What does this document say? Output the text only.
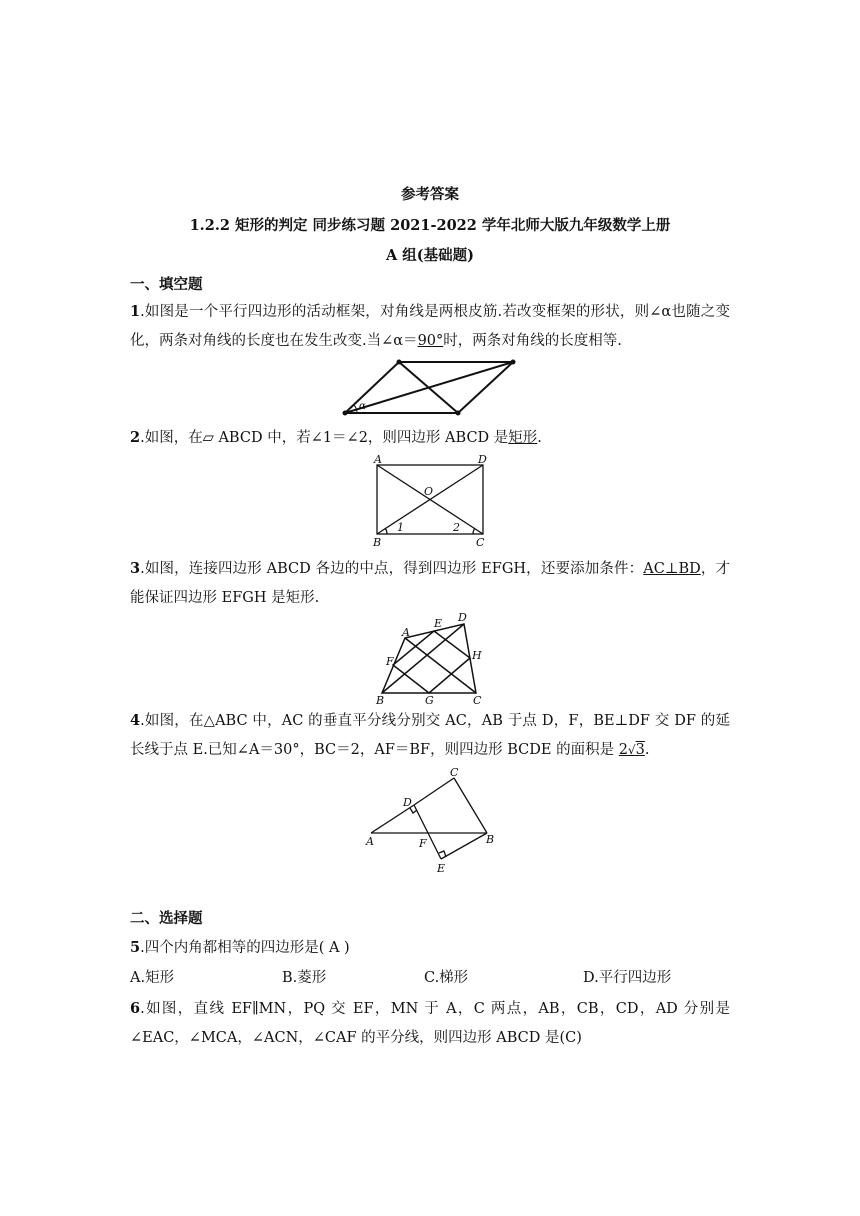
参考答案
1.2.2 矩形的判定 同步练习题 2021-2022 学年北师大版九年级数学上册
A 组(基础题)
一、填空题
1.如图是一个平行四边形的活动框架，对角线是两根皮筋.若改变框架的形状，则∠α也随之变化，两条对角线的长度也在发生改变.当∠α＝90°时，两条对角线的长度相等.
α
2.如图，在▱ ABCD 中，若∠1＝∠2，则四边形 ABCD 是矩形.
A	D
O
B	C
1	2
3.如图，连接四边形 ABCD 各边的中点，得到四边形 EFGH，还要添加条件：AC⊥BD，才能保证四边形 EFGH 是矩形.
A
E D
F	H
B	G	C
4.如图，在△ABC 中，AC 的垂直平分线分别交 AC，AB 于点 D，F，BE⊥DF 交 DF 的延长线于点 E.已知∠A＝30°，BC＝2，AF＝BF，则四边形 BCDE 的面积是 2√3.
C
D
A	F	B
E
二、选择题
5.四个内角都相等的四边形是( A )
A.矩形	B.菱形	C.梯形	D.平行四边形
6.如图，直线 EF∥MN，PQ 交 EF，MN 于 A，C 两点，AB，CB，CD，AD 分别是∠EAC，∠MCA，∠ACN，∠CAF 的平分线，则四边形 ABCD 是(C)
